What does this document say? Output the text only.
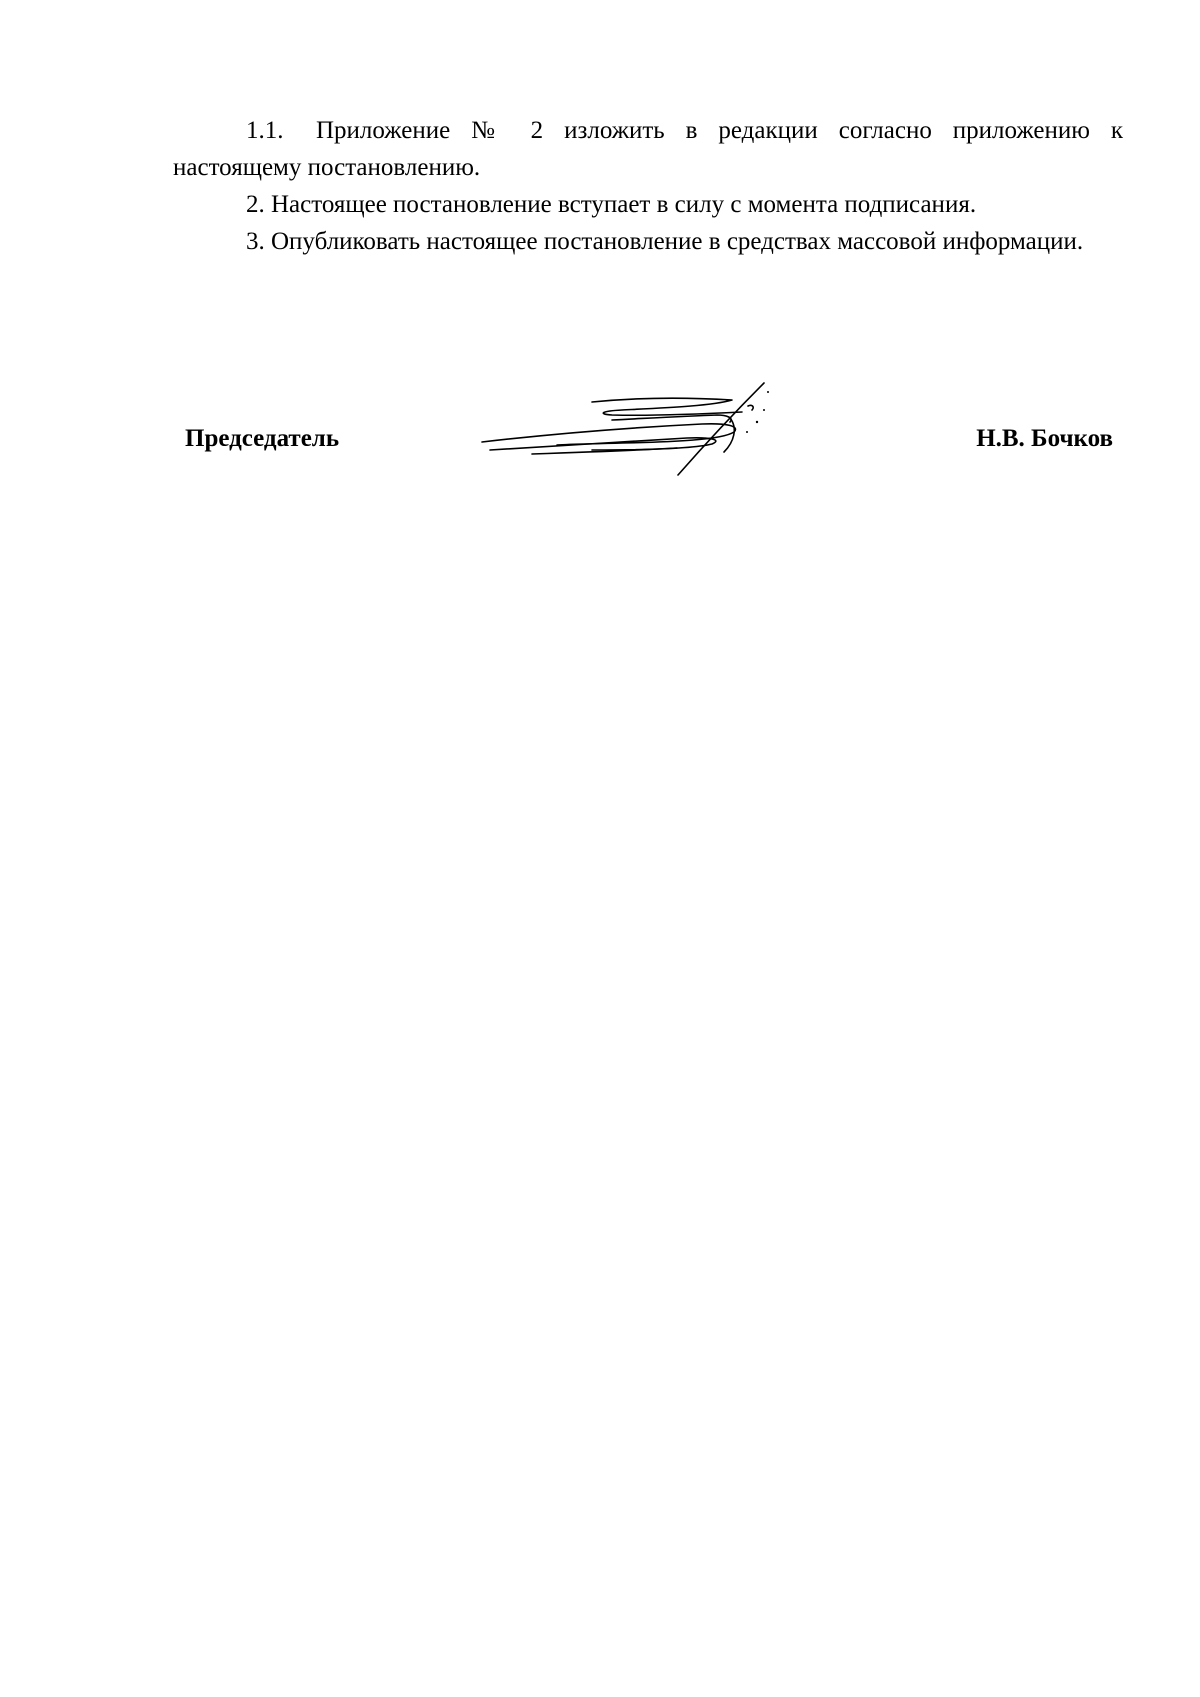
1.1. Приложение № 2 изложить в редакции согласно приложению к настоящему постановлению.

2. Настоящее постановление вступает в силу с момента подписания.

3. Опубликовать настоящее постановление в средствах массовой информации.

Председатель	Н.В. Бочков
